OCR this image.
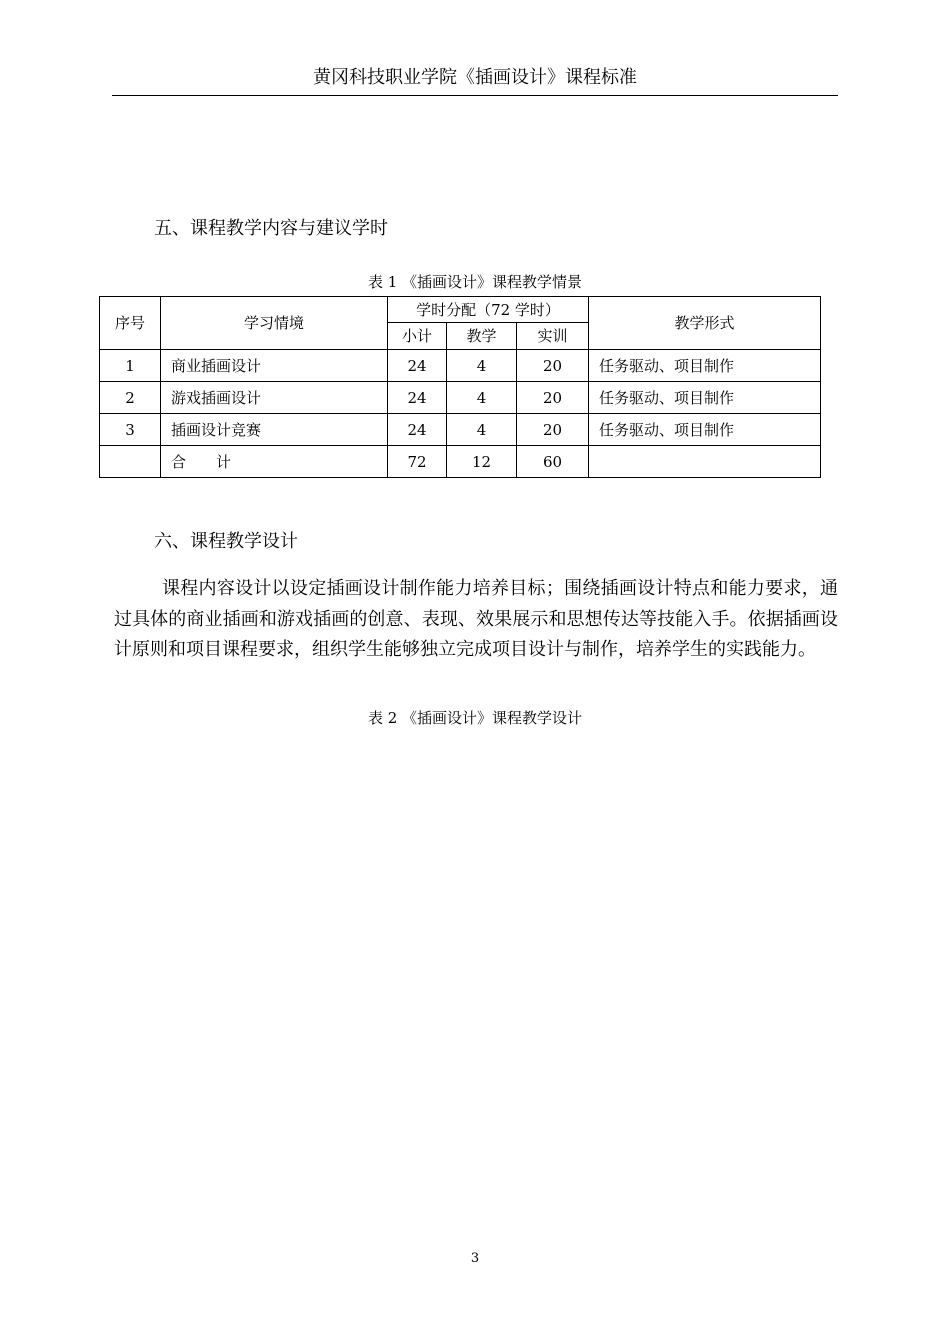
黄冈科技职业学院《插画设计》课程标准
五、课程教学内容与建议学时
表 1 《插画设计》课程教学情景
序号	学习情境	学时分配（72 学时）			教学形式
		小计	教学	实训	
1	商业插画设计	24	4	20	任务驱动、项目制作
2	游戏插画设计	24	4	20	任务驱动、项目制作
3	插画设计竞赛	24	4	20	任务驱动、项目制作
	合计	72	12	60	
六、课程教学设计

课程内容设计以设定插画设计制作能力培养目标；围绕插画设计特点和能力要求，通过具体的商业插画和游戏插画的创意、表现、效果展示和思想传达等技能入手。依据插画设计原则和项目课程要求，组织学生能够独立完成项目设计与制作，培养学生的实践能力。

表 2 《插画设计》课程教学设计
3
